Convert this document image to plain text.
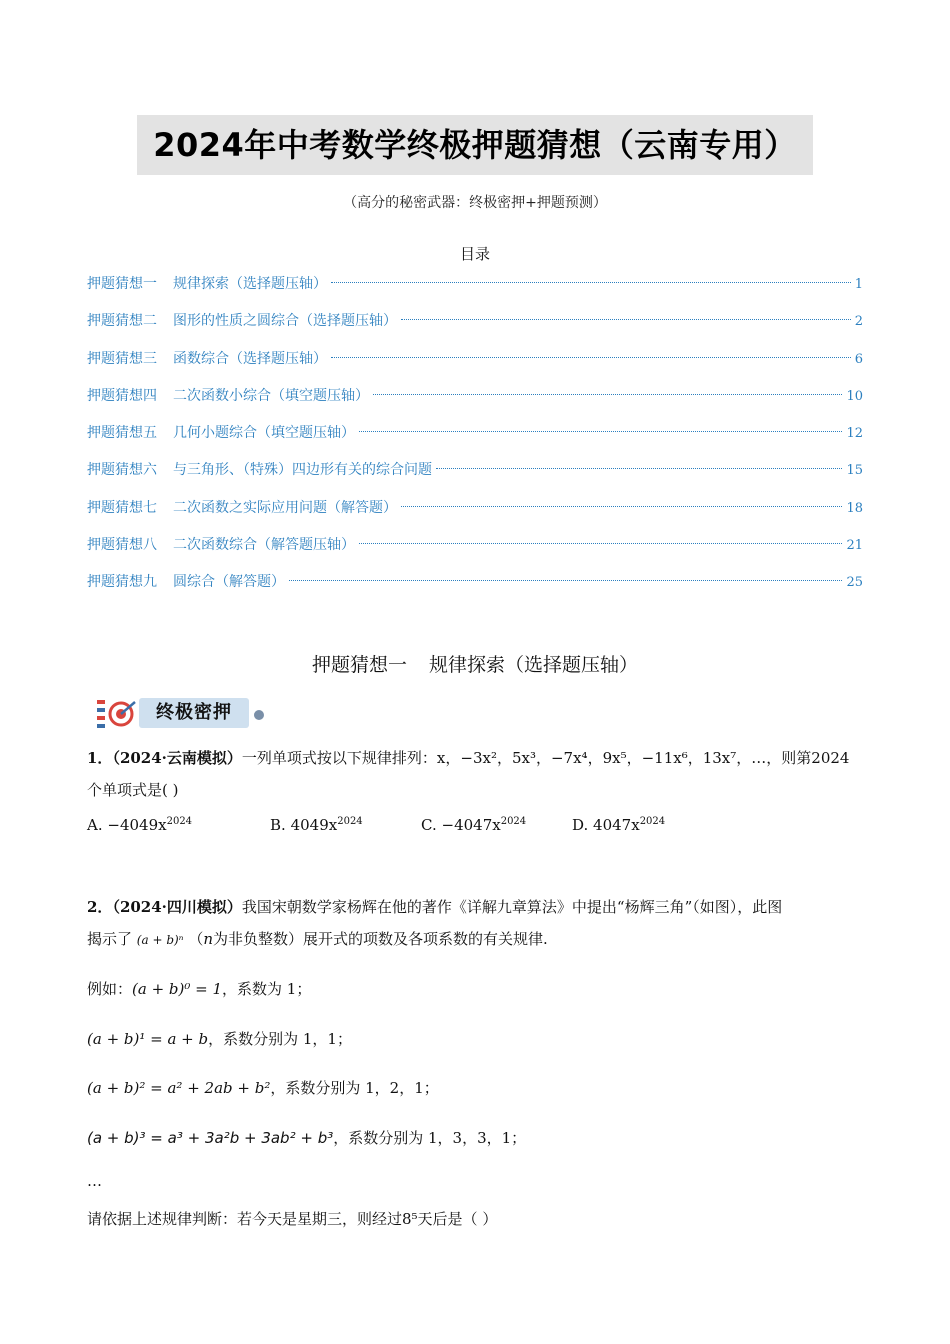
2024年中考数学终极押题猜想（云南专用）
（高分的秘密武器：终极密押+押题预测）
目录
押题猜想一 规律探索（选择题压轴）	1
押题猜想二 图形的性质之圆综合（选择题压轴）	2
押题猜想三 函数综合（选择题压轴）	6
押题猜想四 二次函数小综合（填空题压轴）	10
押题猜想五 几何小题综合（填空题压轴）	12
押题猜想六 与三角形、（特殊）四边形有关的综合问题	15
押题猜想七 二次函数之实际应用问题（解答题）	18
押题猜想八 二次函数综合（解答题压轴）	21
押题猜想九 圆综合（解答题）	25
押题猜想一 规律探索（选择题压轴）
终极密押
1．（2024·云南模拟）一列单项式按以下规律排列：x，−3x²，5x³，−7x⁴，9x⁵，−11x⁶，13x⁷，…，则第2024
个单项式是( )
A. $-4049x^{2024}$	B. $4049x^{2024}$	C. $-4047x^{2024}$	D. $4047x^{2024}$
2．（2024·四川模拟）我国宋朝数学家杨辉在他的著作《详解九章算法》中提出“杨辉三角”（如图），此图
揭示了 (a + b)ⁿ （n为非负整数）展开式的项数及各项系数的有关规律.
例如：(a + b)⁰ = 1，系数为 1；
(a + b)¹ = a + b，系数分别为 1，1；
(a + b)² = a² + 2ab + b²，系数分别为 1，2，1；
(a + b)³ = a³ + 3a²b + 3ab² + b³，系数分别为 1，3，3，1；
…
请依据上述规律判断：若今天是星期三，则经过8⁵天后是（ ）
